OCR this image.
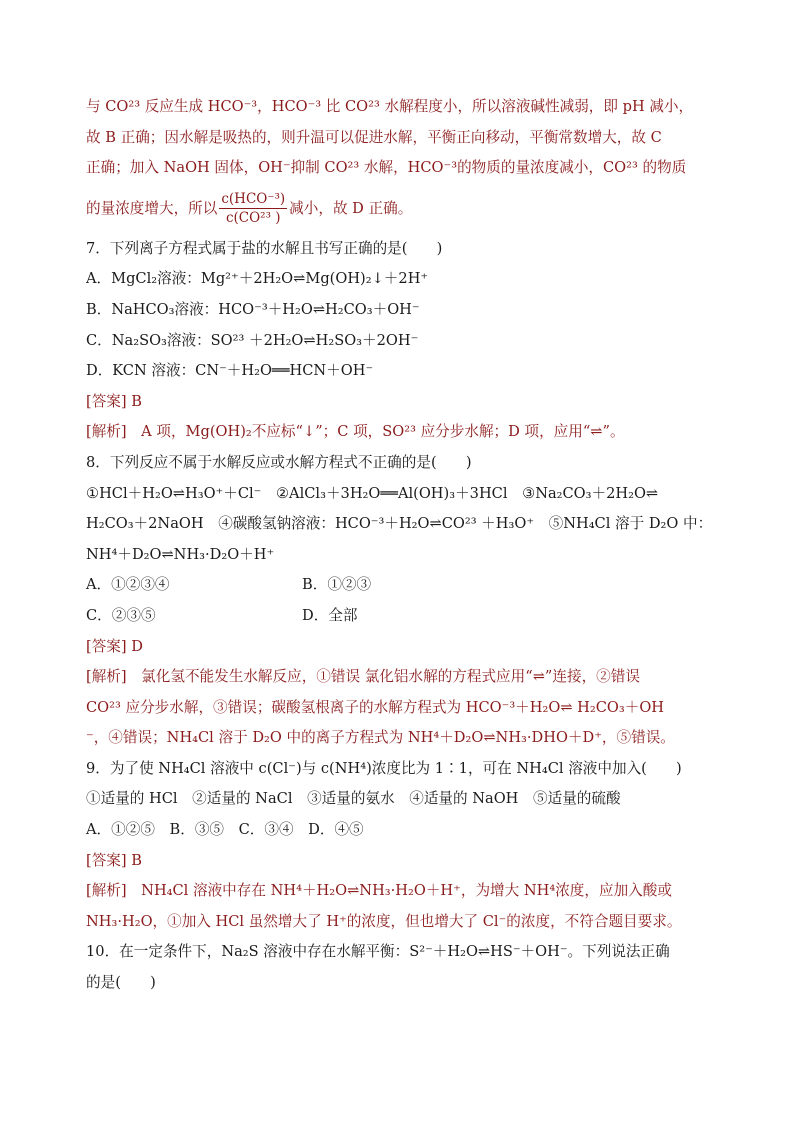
与 CO²³ 反应生成 HCO⁻³，HCO⁻³ 比 CO²³ 水解程度小，所以溶液碱性减弱，即 pH 减小，
故 B 正确；因水解是吸热的，则升温可以促进水解，平衡正向移动，平衡常数增大，故 C
正确；加入 NaOH 固体，OH⁻抑制 CO²³ 水解，HCO⁻³的物质的量浓度减小，CO²³ 的物质
的量浓度增大，所以 $\frac{\text{c(HCO⁻³)}}{\text{c(CO²³ )}}$ 减小，故 D 正确。
7．下列离子方程式属于盐的水解且书写正确的是(　　)
A．MgCl₂溶液：Mg²⁺＋2H₂O⇌Mg(OH)₂↓＋2H⁺
B．NaHCO₃溶液：HCO⁻³＋H₂O⇌H₂CO₃＋OH⁻
C．Na₂SO₃溶液：SO²³ ＋2H₂O⇌H₂SO₃＋2OH⁻
D．KCN 溶液：CN⁻＋H₂O══HCN＋OH⁻
[答案] B
[解析]　A 项，Mg(OH)₂不应标“↓”；C 项，SO²³ 应分步水解；D 项，应用“⇌”。
8．下列反应不属于水解反应或水解方程式不正确的是(　　)
①HCl＋H₂O⇌H₃O⁺＋Cl⁻　②AlCl₃＋3H₂O══Al(OH)₃＋3HCl　③Na₂CO₃＋2H₂O⇌
H₂CO₃＋2NaOH　④碳酸氢钠溶液：HCO⁻³＋H₂O⇌CO²³ ＋H₃O⁺　⑤NH₄Cl 溶于 D₂O 中：
NH⁴＋D₂O⇌NH₃·D₂O＋H⁺
A．①②③④	B．①②③
C．②③⑤	D．全部
[答案] D
[解析]　氯化氢不能发生水解反应，①错误 氯化铝水解的方程式应用“⇌”连接，②错误
CO²³ 应分步水解，③错误；碳酸氢根离子的水解方程式为 HCO⁻³＋H₂O⇌ H₂CO₃＋OH
⁻，④错误；NH₄Cl 溶于 D₂O 中的离子方程式为 NH⁴＋D₂O⇌NH₃·DHO＋D⁺，⑤错误。
9．为了使 NH₄Cl 溶液中 c(Cl⁻)与 c(NH⁴)浓度比为 1∶1，可在 NH₄Cl 溶液中加入(　　)
①适量的 HCl　②适量的 NaCl　③适量的氨水　④适量的 NaOH　⑤适量的硫酸
A．①②⑤　B．③⑤　C．③④　D．④⑤
[答案] B
[解析]　NH₄Cl 溶液中存在 NH⁴＋H₂O⇌NH₃·H₂O＋H⁺，为增大 NH⁴浓度，应加入酸或
NH₃·H₂O，①加入 HCl 虽然增大了 H⁺的浓度，但也增大了 Cl⁻的浓度，不符合题目要求。
10．在一定条件下，Na₂S 溶液中存在水解平衡：S²⁻＋H₂O⇌HS⁻＋OH⁻。下列说法正确
的是(　　)
